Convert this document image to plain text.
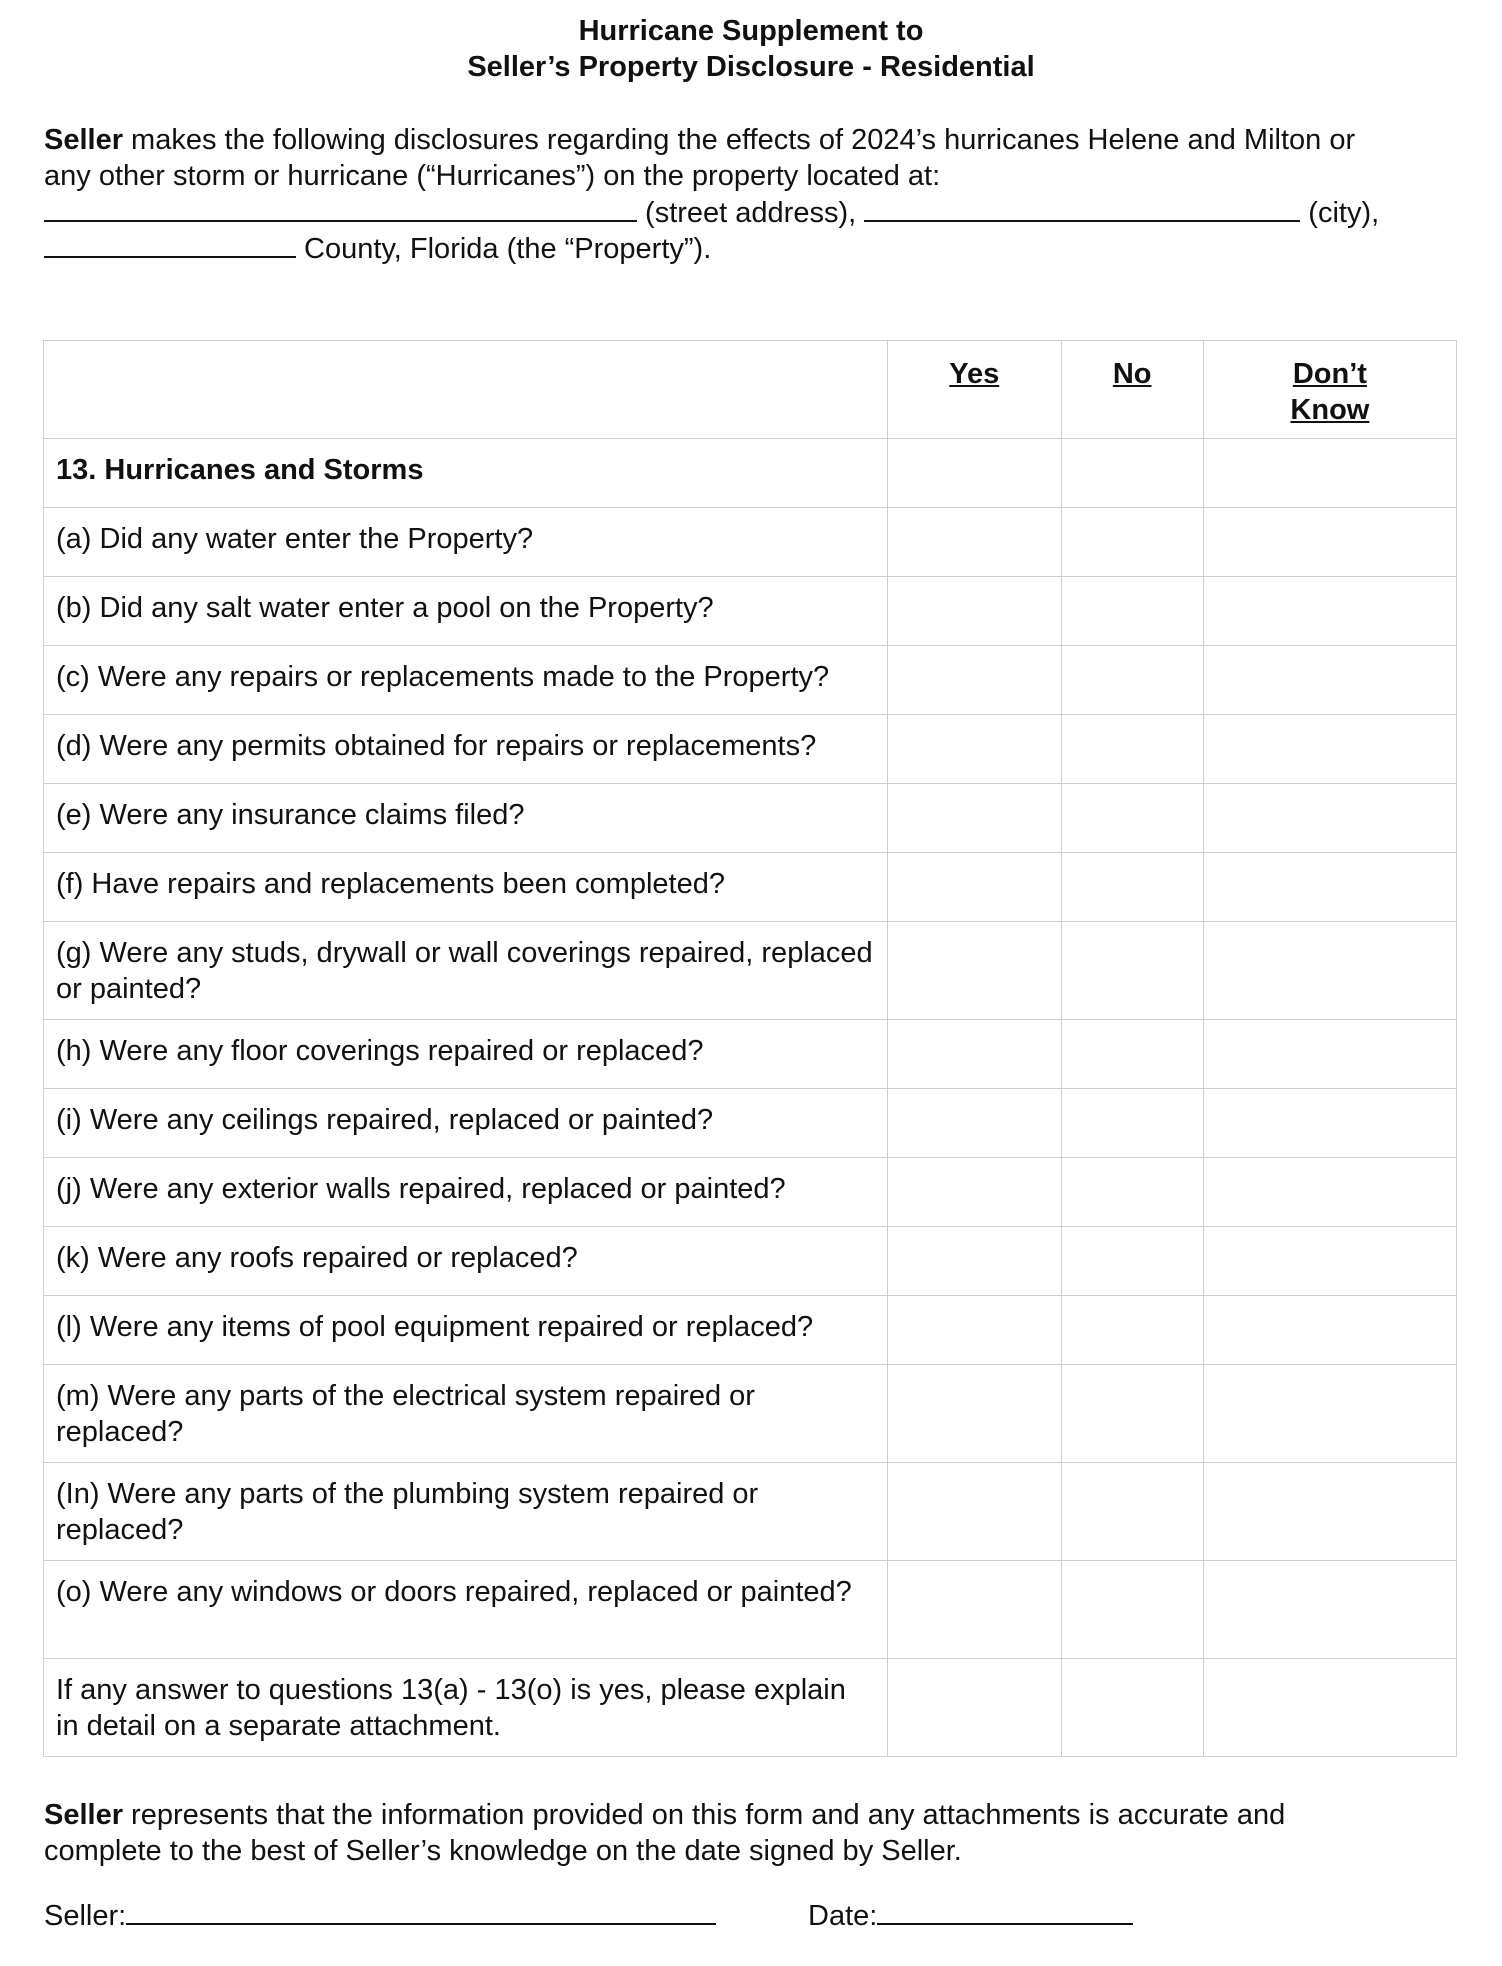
Hurricane Supplement to
Seller’s Property Disclosure - Residential
Seller makes the following disclosures regarding the effects of 2024’s hurricanes Helene and Milton or
any other storm or hurricane (“Hurricanes”) on the property located at:
(street address),	(city),
County, Florida (the “Property”).
	Yes	No	Don’t
Know
13. Hurricanes and Storms			
(a) Did any water enter the Property?			
(b) Did any salt water enter a pool on the Property?			
(c) Were any repairs or replacements made to the Property?			
(d) Were any permits obtained for repairs or replacements?			
(e) Were any insurance claims filed?			
(f) Have repairs and replacements been completed?			
(g) Were any studs, drywall or wall coverings repaired, replaced or painted?			
(h) Were any floor coverings repaired or replaced?			
(i) Were any ceilings repaired, replaced or painted?			
(j) Were any exterior walls repaired, replaced or painted?			
(k) Were any roofs repaired or replaced?			
(l) Were any items of pool equipment repaired or replaced?			
(m) Were any parts of the electrical system repaired or replaced?			
(In) Were any parts of the plumbing system repaired or replaced?			
(o) Were any windows or doors repaired, replaced or painted?			
If any answer to questions 13(a) - 13(o) is yes, please explain in detail on a separate attachment.			
Seller represents that the information provided on this form and any attachments is accurate and
complete to the best of Seller’s knowledge on the date signed by Seller.
Seller:	Date:
